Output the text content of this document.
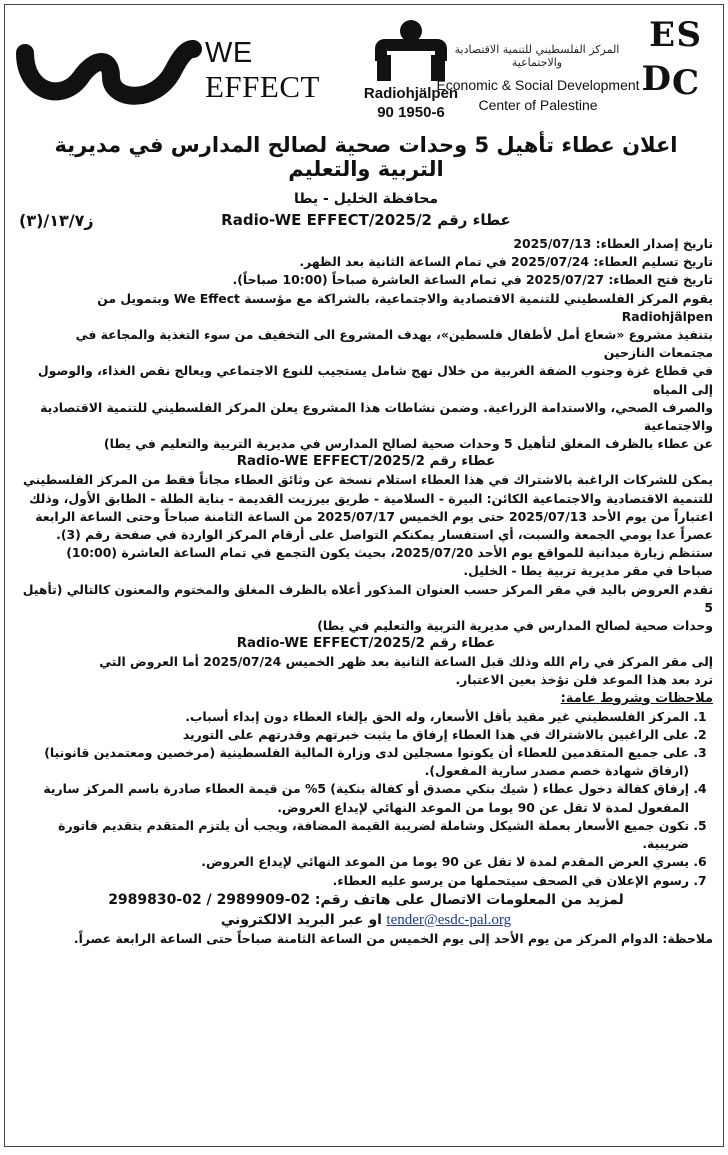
WE
EFFECT	Radiohjälpen
90 1950-6
E S
D C
المركز الفلسطيني للتنمية الاقتصادية والاجتماعية
Economic & Social Development
Center of Palestine
اعلان عطاء تأهيل 5 وحدات صحية لصالح المدارس في مديرية التربية والتعليم

محافظة الخليل - يطا

عطاء رقم 2/Radio-WE EFFECT/2025
ز١٣/٧/(٣)

تاريخ إصدار العطاء: 2025/07/13

تاريخ تسليم العطاء: 2025/07/24 في تمام الساعة الثانية بعد الظهر.

تاريخ فتح العطاء: 2025/07/27 في تمام الساعة العاشرة صباحاً (10:00 صباحاً).

يقوم المركز الفلسطيني للتنمية الاقتصادية والاجتماعية، بالشراكة مع مؤسسة We Effect وبتمويل من Radiohjälpen

بتنفيذ مشروع «شعاع أمل لأطفال فلسطين»، يهدف المشروع الى التخفيف من سوء التغذية والمجاعة في مجتمعات النازحين

في قطاع غزة وجنوب الضفة الغربية من خلال نهج شامل يستجيب للنوع الاجتماعي ويعالج نقص الغذاء، والوصول إلى المياه

والصرف الصحي، والاستدامة الزراعية. وضمن نشاطات هذا المشروع يعلن المركز الفلسطيني للتنمية الاقتصادية والاجتماعية

عن عطاء بالظرف المغلق لتأهيل 5 وحدات صحية لصالح المدارس في مديرية التربية والتعليم في يطا)

عطاء رقم 2/Radio-WE EFFECT/2025

يمكن للشركات الراغبة بالاشتراك في هذا العطاء استلام نسخة عن وثائق العطاء مجاناً فقط من المركز الفلسطيني

للتنمية الاقتصادية والاجتماعية الكائن: البيرة - السلامية - طريق بيرزيت القديمة - بناية الطلة - الطابق الأول، وذلك

اعتباراً من يوم الأحد 2025/07/13 حتى يوم الخميس 2025/07/17 من الساعة الثامنة صباحاً وحتى الساعة الرابعة

عصراً عدا يومي الجمعة والسبت، أي استفسار يمكنكم التواصل على أرقام المركز الواردة في صفحة رقم (3).

ستنظم زيارة ميدانية للمواقع يوم الأحد 2025/07/20، بحيث يكون التجمع في تمام الساعة العاشرة (10:00)

صباحا في مقر مديرية تربية يطا - الخليل.

تقدم العروض باليد في مقر المركز حسب العنوان المذكور أعلاه بالظرف المغلق والمختوم والمعنون كالتالي (تأهيل 5

وحدات صحية لصالح المدارس في مديرية التربية والتعليم في يطا)

عطاء رقم 2/Radio-WE EFFECT/2025

إلى مقر المركز في رام الله وذلك قبل الساعة الثانية بعد ظهر الخميس 2025/07/24 أما العروض التي

ترد بعد هذا الموعد فلن تؤخذ بعين الاعتبار.

ملاحظات وشروط عامة:

1. المركز الفلسطيني غير مقيد بأقل الأسعار، وله الحق بإلغاء العطاء دون إبداء أسباب.
2. على الراغبين بالاشتراك في هذا العطاء إرفاق ما يثبت خبرتهم وقدرتهم على التوريد
3. على جميع المتقدمين للعطاء أن يكونوا مسجلين لدى وزارة المالية الفلسطينية (مرخصين ومعتمدين قانونيا) (ارفاق شهادة خصم مصدر سارية المفعول).
4. إرفاق كفالة دخول عطاء ( شيك بنكي مصدق أو كفالة بنكية) 5% من قيمة العطاء صادرة باسم المركز سارية المفعول لمدة لا تقل عن 90 يوما من الموعد النهائي لإيداع العروض.
5. تكون جميع الأسعار بعملة الشيكل وشاملة لضريبة القيمة المضافة، ويجب أن يلتزم المتقدم بتقديم فاتورة ضريبية.
6. يسري العرض المقدم لمدة لا تقل عن 90 يوما من الموعد النهائي لإيداع العروض.
7. رسوم الإعلان في الصحف سيتحملها من يرسو عليه العطاء.

لمزيد من المعلومات الاتصال على هاتف رقم: 02-2989909 / 02-2989830

tender@esdc-pal.org او عبر البريد الالكتروني

ملاحظة: الدوام المركز من يوم الأحد إلى يوم الخميس من الساعة الثامنة صباحاً حتى الساعة الرابعة عصراً.
